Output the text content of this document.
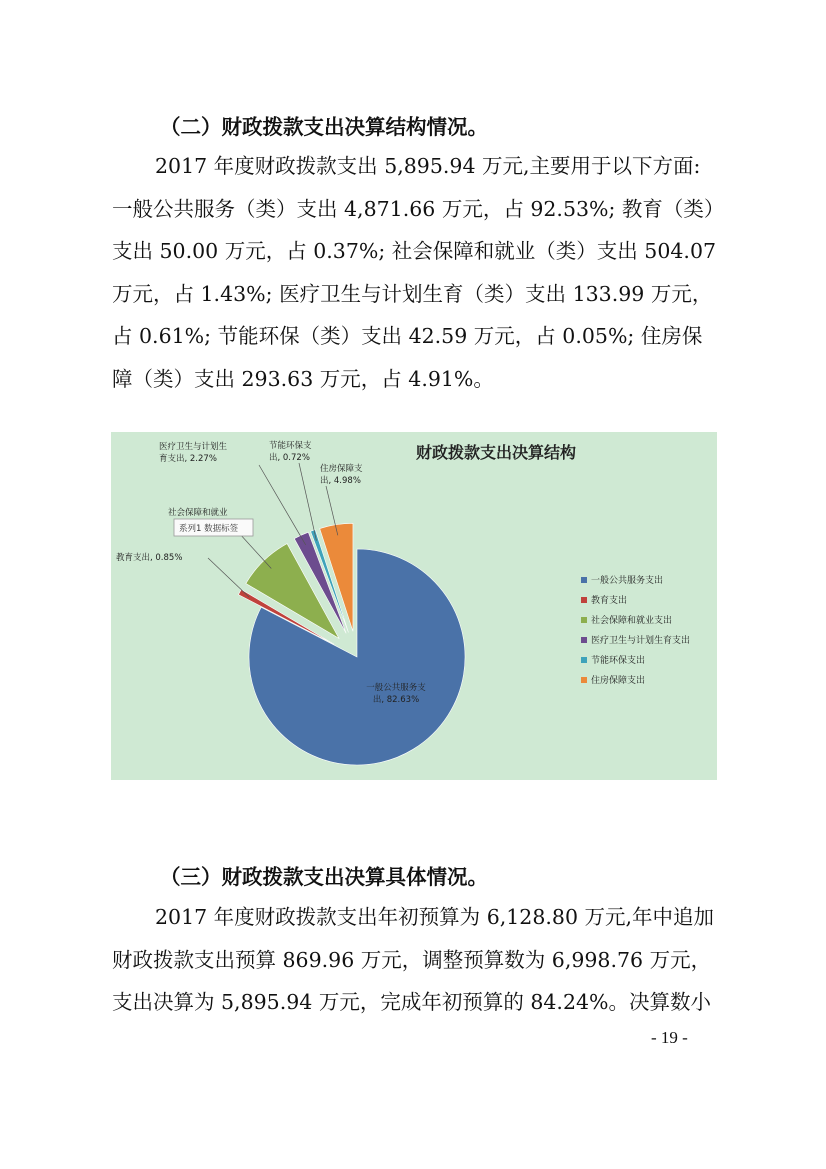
（二）财政拨款支出决算结构情况。

2017 年度财政拨款支出 5,895.94 万元,主要用于以下方面:一般公共服务（类）支出 4,871.66 万元，占 92.53%; 教育（类）支出 50.00 万元，占 0.37%; 社会保障和就业（类）支出 504.07 万元，占 1.43%; 医疗卫生与计划生育（类）支出 133.99 万元，占 0.61%; 节能环保（类）支出 42.59 万元，占 0.05%; 住房保障（类）支出 293.63 万元，占 4.91%。

财政拨款支出决算结构
一般公共服务支出, 82.63%
教育支出, 0.85%
社会保障和就业
医疗卫生与计划生育支出, 2.27%
节能环保支出, 0.72%
住房保障支出, 4.98%
系列1 数据标签
一般公共服务支出
教育支出
社会保障和就业支出
医疗卫生与计划生育支出
节能环保支出
住房保障支出
（三）财政拨款支出决算具体情况。

2017 年度财政拨款支出年初预算为 6,128.80 万元,年中追加财政拨款支出预算 869.96 万元，调整预算数为 6,998.76 万元，支出决算为 5,895.94 万元，完成年初预算的 84.24%。决算数小

- 19 -
